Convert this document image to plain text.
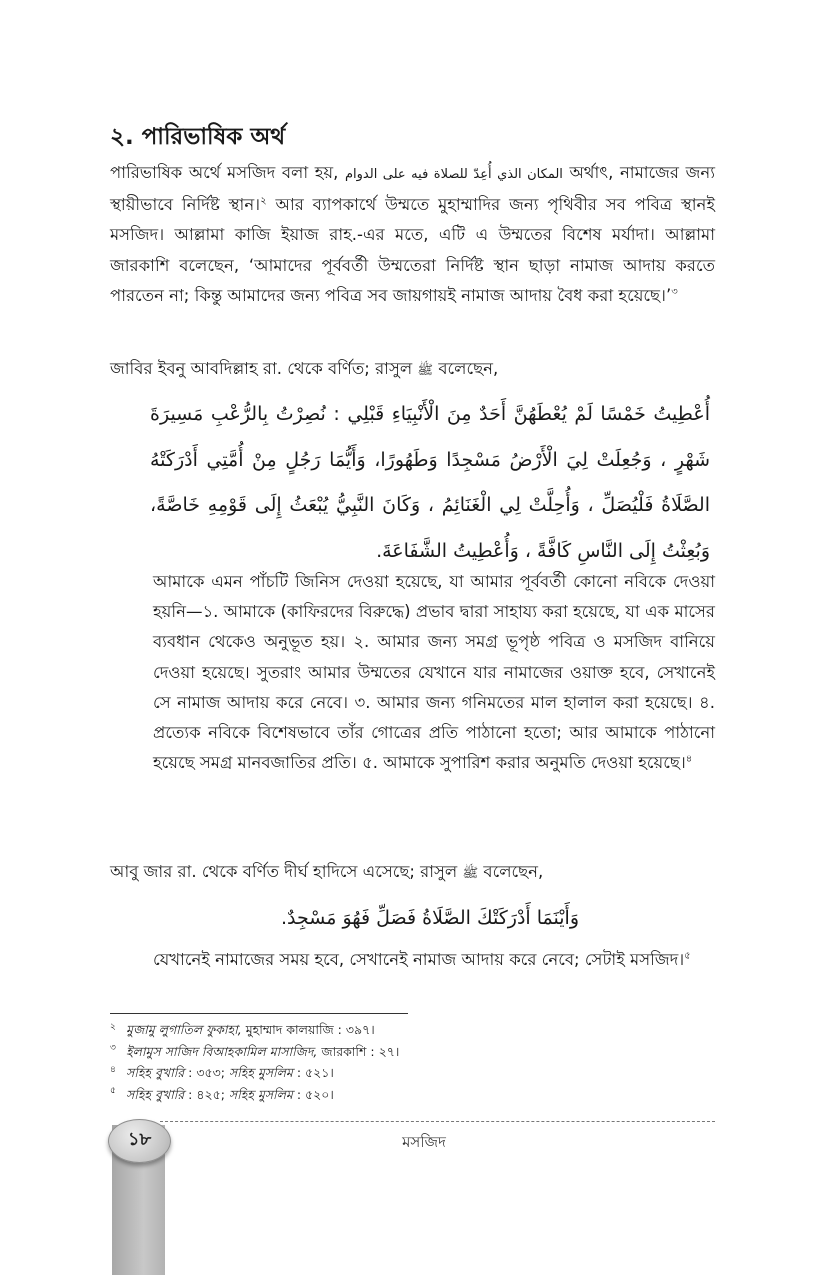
২. পারিভাষিক অর্থ

পারিভাষিক অর্থে মসজিদ বলা হয়, المكان الذي أُعِدّ للصلاة فيه على الدوام অর্থাৎ, নামাজের জন্য স্থায়ীভাবে নির্দিষ্ট স্থান।$^২$ আর ব্যাপকার্থে উম্মতে মুহাম্মাদির জন্য পৃথিবীর সব পবিত্র স্থানই মসজিদ। আল্লামা কাজি ইয়াজ রাহ.-এর মতে, এটি এ উম্মতের বিশেষ মর্যাদা। আল্লামা জারকাশি বলেছেন, ‘আমাদের পূর্ববর্তী উম্মতেরা নির্দিষ্ট স্থান ছাড়া নামাজ আদায় করতে পারতেন না; কিন্তু আমাদের জন্য পবিত্র সব জায়গায়ই নামাজ আদায় বৈধ করা হয়েছে।’$^৩$

জাবির ইবনু আবদিল্লাহ রা. থেকে বর্ণিত; রাসুল ﷺ বলেছেন,

أُعْطِيتُ خَمْسًا لَمْ يُعْطَهُنَّ أَحَدٌ مِنَ الْأَنْبِيَاءِ قَبْلِي : نُصِرْتُ بِالرُّعْبِ مَسِيرَةَ شَهْرٍ ، وَجُعِلَتْ لِيَ الْأَرْضُ مَسْجِدًا وَطَهُورًا، وَأَيُّمَا رَجُلٍ مِنْ أُمَّتِي أَدْرَكَتْهُ الصَّلَاةُ فَلْيُصَلِّ ، وَأُحِلَّتْ لِي الْغَنَائِمُ ، وَكَانَ النَّبِيُّ يُبْعَثُ إِلَى قَوْمِهِ خَاصَّةً، وَبُعِثْتُ إِلَى النَّاسِ كَافَّةً ، وَأُعْطِيتُ الشَّفَاعَةَ.

আমাকে এমন পাঁচটি জিনিস দেওয়া হয়েছে, যা আমার পূর্ববর্তী কোনো নবিকে দেওয়া হয়নি—১. আমাকে (কাফিরদের বিরুদ্ধে) প্রভাব দ্বারা সাহায্য করা হয়েছে, যা এক মাসের ব্যবধান থেকেও অনুভূত হয়। ২. আমার জন্য সমগ্র ভূপৃষ্ঠ পবিত্র ও মসজিদ বানিয়ে দেওয়া হয়েছে। সুতরাং আমার উম্মতের যেখানে যার নামাজের ওয়াক্ত হবে, সেখানেই সে নামাজ আদায় করে নেবে। ৩. আমার জন্য গনিমতের মাল হালাল করা হয়েছে। ৪. প্রত্যেক নবিকে বিশেষভাবে তাঁর গোত্রের প্রতি পাঠানো হতো; আর আমাকে পাঠানো হয়েছে সমগ্র মানবজাতির প্রতি। ৫. আমাকে সুপারিশ করার অনুমতি দেওয়া হয়েছে।$^৪$

আবু জার রা. থেকে বর্ণিত দীর্ঘ হাদিসে এসেছে; রাসুল ﷺ বলেছেন,

وَأَيْنَمَا أَدْرَكَتْكَ الصَّلَاةُ فَصَلِّ فَهُوَ مَسْجِدٌ.

যেখানেই নামাজের সময় হবে, সেখানেই নামাজ আদায় করে নেবে; সেটাই মসজিদ।$^৫$

২ মুজামু লুগাতিল ফুকাহা, মুহাম্মাদ কালয়াজি : ৩৯৭।
৩ ইলামুস সাজিদ বিআহকামিল মাসাজিদ, জারকাশি : ২৭।
৪ সহিহ বুখারি : ৩৫৩; সহিহ মুসলিম : ৫২১।
৫ সহিহ বুখারি : ৪২৫; সহিহ মুসলিম : ৫২০।
১৮	মসজিদ
